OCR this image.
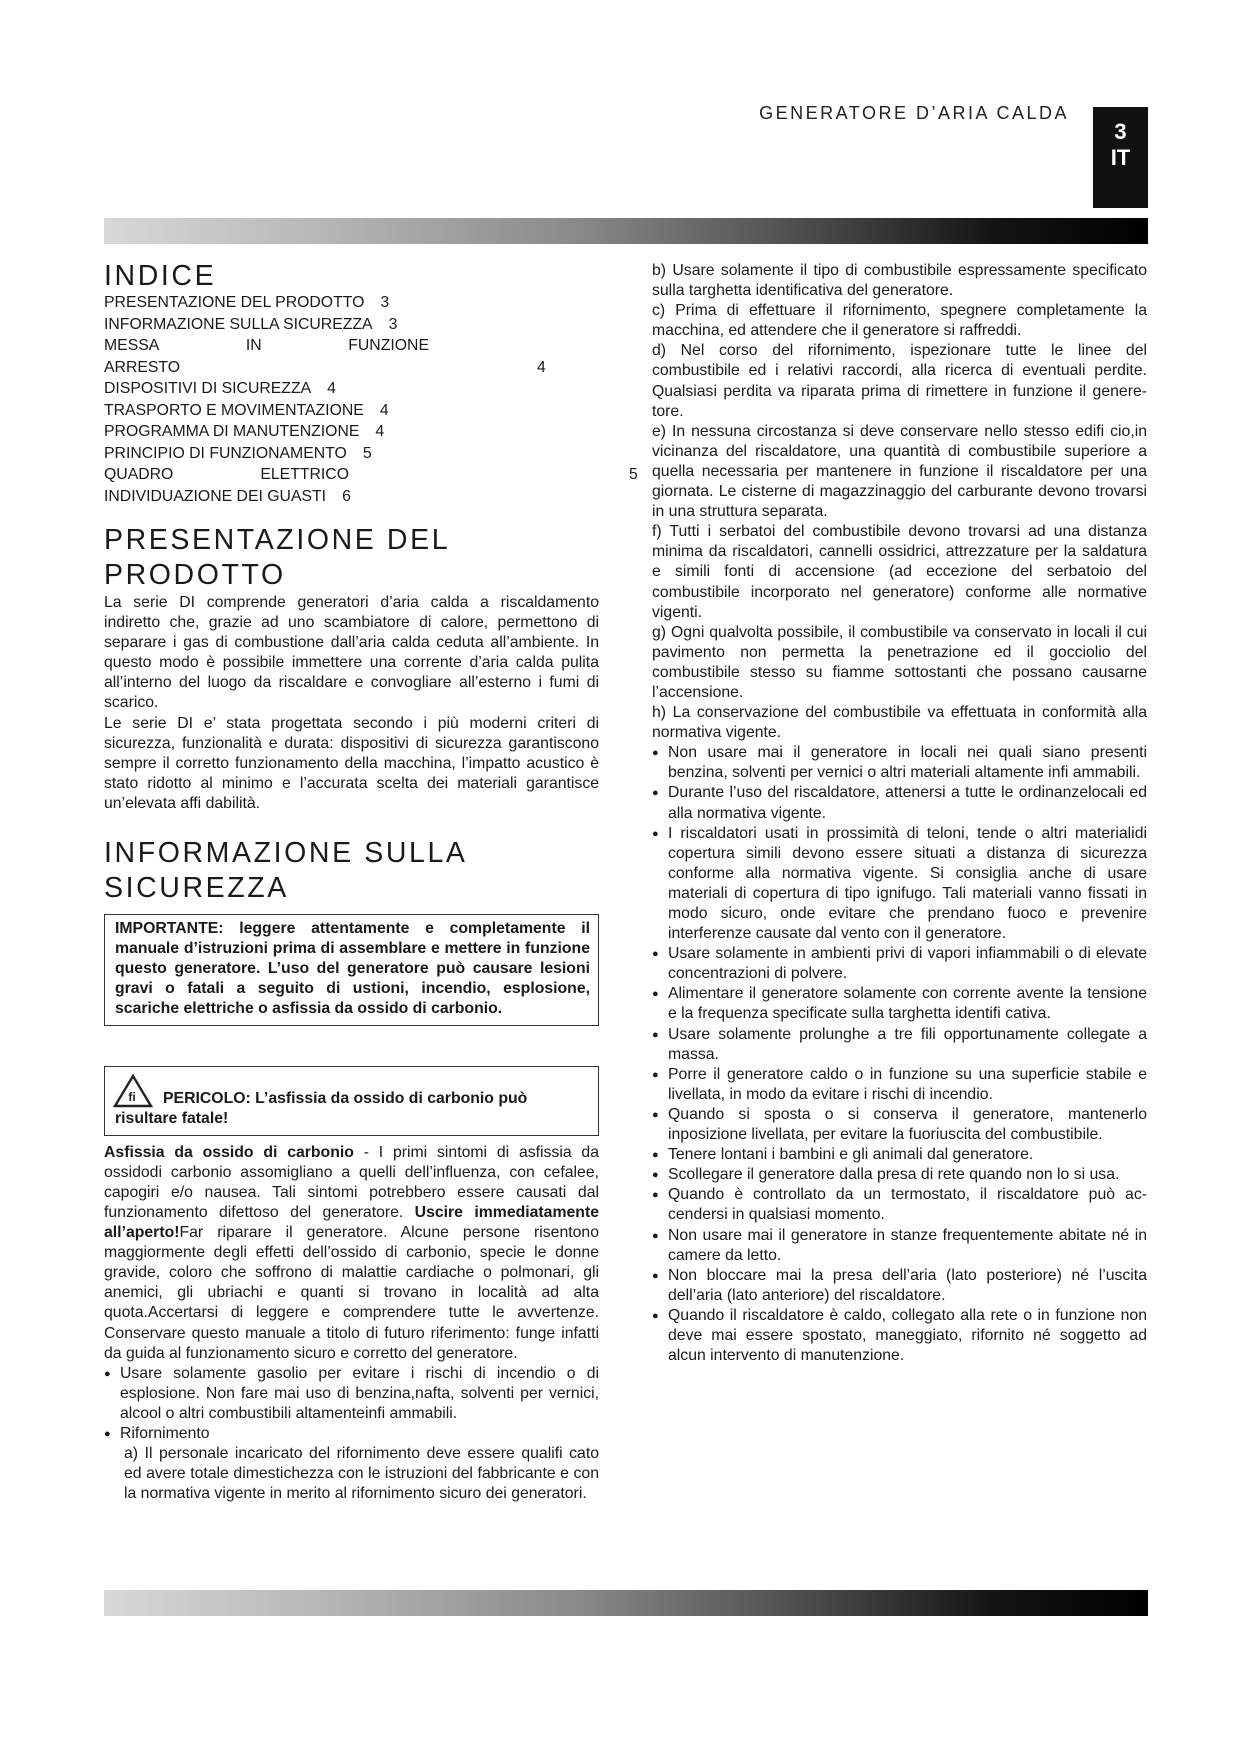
GENERATORE D’ARIA CALDA
3
IT
INDICE
PRESENTAZIONE DEL PRODOTTO 3
INFORMAZIONE SULLA SICUREZZA 3
MESSA	IN	FUNZIONE
ARRESTO	4
DISPOSITIVI DI SICUREZZA 4
TRASPORTO E MOVIMENTAZIONE 4
PROGRAMMA DI MANUTENZIONE 4
PRINCIPIO DI FUNZIONAMENTO 5
QUADRO	ELETTRICO	5
INDIVIDUAZIONE DEI GUASTI 6
PRESENTAZIONE DEL PRODOTTO

La serie DI comprende generatori d’aria calda a riscaldamento indiretto che, grazie ad uno scambiatore di calore, permettono di separare i gas di combustione dall’aria calda ceduta all’ambiente. In questo modo è possibile immettere una corrente d’aria calda pulita all’interno del luogo da riscaldare e convogliare all’esterno i fumi di scarico.

Le serie DI e’ stata progettata secondo i più moderni criteri di sicurezza, funzionalità e durata: dispositivi di sicurezza garantiscono sempre il corretto funzionamento della macchina, l’impatto acustico è stato ridotto al minimo e l’accurata scelta dei materiali garantisce un’elevata affi dabilità.

INFORMAZIONE SULLA SICUREZZA
IMPORTANTE: leggere attentamente e completamente il manuale d’istruzioni prima di assemblare e mettere in funzione questo generatore. L’uso del generatore può causare lesioni gravi o fatali a seguito di ustioni, incendio, esplosione, scariche elettriche o asfissia da ossido di carbonio.
fi PERICOLO: L’asfissia da ossido di carbonio può risultare fatale!

Asfissia da ossido di carbonio - I primi sintomi di asfissia da ossidodi carbonio assomigliano a quelli dell’influenza, con cefalee, capogiri e/o nausea. Tali sintomi potrebbero essere causati dal funzionamento difettoso del generatore. Uscire immediatamente all’aperto!Far riparare il generatore. Alcune persone risentono maggiormente degli effetti dell’ossido di carbonio, specie le donne gravide, coloro che soffrono di malattie cardiache o polmonari, gli anemici, gli ubriachi e quanti si trovano in località ad alta quota.Accertarsi di leggere e comprendere tutte le avvertenze. Conservare questo manuale a titolo di futuro riferimento: funge infatti da guida al funzionamento sicuro e corretto del generatore.

● Usare solamente gasolio per evitare i rischi di incendio o di esplosione. Non fare mai uso di benzina,nafta, solventi per vernici, alcool o altri combustibili altamenteinfi ammabili.
● Rifornimento

a) Il personale incaricato del rifornimento deve essere qualifi cato ed avere totale dimestichezza con le istruzioni del fabbricante e con la normativa vigente in merito al rifornimento sicuro dei generatori.

b) Usare solamente il tipo di combustibile espressamente specificato sulla targhetta identificativa del generatore.

c) Prima di effettuare il rifornimento, spegnere completamente la macchina, ed attendere che il generatore si raffreddi.

d) Nel corso del rifornimento, ispezionare tutte le linee del combustibile ed i relativi raccordi, alla ricerca di eventuali perdite. Qualsiasi perdita va riparata prima di rimettere in funzione il generetore.

e) In nessuna circostanza si deve conservare nello stesso edifi cio,in vicinanza del riscaldatore, una quantità di combustibile superiore a quella necessaria per mantenere in funzione il riscaldatore per una giornata. Le cisterne di magazzinaggio del carburante devono trovarsi in una struttura separata.

f) Tutti i serbatoi del combustibile devono trovarsi ad una distanza minima da riscaldatori, cannelli ossidrici, attrezzature per la saldatura e simili fonti di accensione (ad eccezione del serbatoio del combustibile incorporato nel generatore) conforme alle normative vigenti.

g) Ogni qualvolta possibile, il combustibile va conservato in locali il cui pavimento non permetta la penetrazione ed il gocciolio del combustibile stesso su fiamme sottostanti che possano causarne l’accensione.

h) La conservazione del combustibile va effettuata in conformità alla normativa vigente.

● Non usare mai il generatore in locali nei quali siano presenti benzina, solventi per vernici o altri materiali altamente infi ammabili.
● Durante l’uso del riscaldatore, attenersi a tutte le ordinanzelocali ed alla normativa vigente.
● I riscaldatori usati in prossimità di teloni, tende o altri materialidi copertura simili devono essere situati a distanza di sicurezza conforme alla normativa vigente. Si consiglia anche di usare materiali di copertura di tipo ignifugo. Tali materiali vanno fissati in modo sicuro, onde evitare che prendano fuoco e prevenire interferenze causate dal vento con il generatore.
● Usare solamente in ambienti privi di vapori infiammabili o di elevate concentrazioni di polvere.
● Alimentare il generatore solamente con corrente avente la tensione e la frequenza specificate sulla targhetta identifi cativa.
● Usare solamente prolunghe a tre fili opportunamente collegate a massa.
● Porre il generatore caldo o in funzione su una superficie stabile e livellata, in modo da evitare i rischi di incendio.
● Quando si sposta o si conserva il generatore, mantenerlo inposizione livellata, per evitare la fuoriuscita del combustibile.
● Tenere lontani i bambini e gli animali dal generatore.
● Scollegare il generatore dalla presa di rete quando non lo si usa.
● Quando è controllato da un termostato, il riscaldatore può accendersi in qualsiasi momento.
● Non usare mai il generatore in stanze frequentemente abitate né in camere da letto.
● Non bloccare mai la presa dell’aria (lato posteriore) né l’uscita dell’aria (lato anteriore) del riscaldatore.
● Quando il riscaldatore è caldo, collegato alla rete o in funzione non deve mai essere spostato, maneggiato, rifornito né soggetto ad alcun intervento di manutenzione.
